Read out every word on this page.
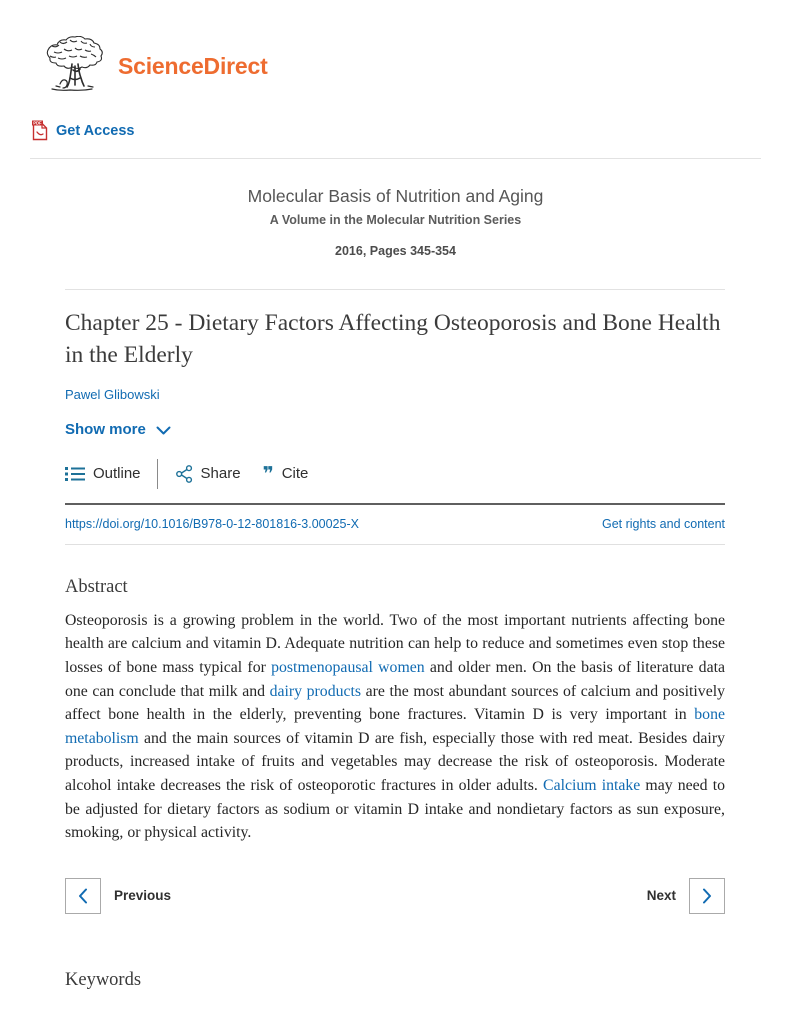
ScienceDirect
PDF Get Access
Molecular Basis of Nutrition and Aging
A Volume in the Molecular Nutrition Series
2016, Pages 345-354
Chapter 25 - Dietary Factors Affecting Osteoporosis and Bone Health in the Elderly
Pawel Glibowski
Show more
Outline	Share ❞ Cite
https://doi.org/10.1016/B978-0-12-801816-3.00025-X	Get rights and content
Abstract

Osteoporosis is a growing problem in the world. Two of the most important nutrients affecting bone health are calcium and vitamin D. Adequate nutrition can help to reduce and sometimes even stop these losses of bone mass typical for postmenopausal women and older men. On the basis of literature data one can conclude that milk and dairy products are the most abundant sources of calcium and positively affect bone health in the elderly, preventing bone fractures. Vitamin D is very important in bone metabolism and the main sources of vitamin D are fish, especially those with red meat. Besides dairy products, increased intake of fruits and vegetables may decrease the risk of osteoporosis. Moderate alcohol intake decreases the risk of osteoporotic fractures in older adults. Calcium intake may need to be adjusted for dietary factors as sodium or vitamin D intake and nondietary factors as sun exposure, smoking, or physical activity.

Previous	Next
Keywords
